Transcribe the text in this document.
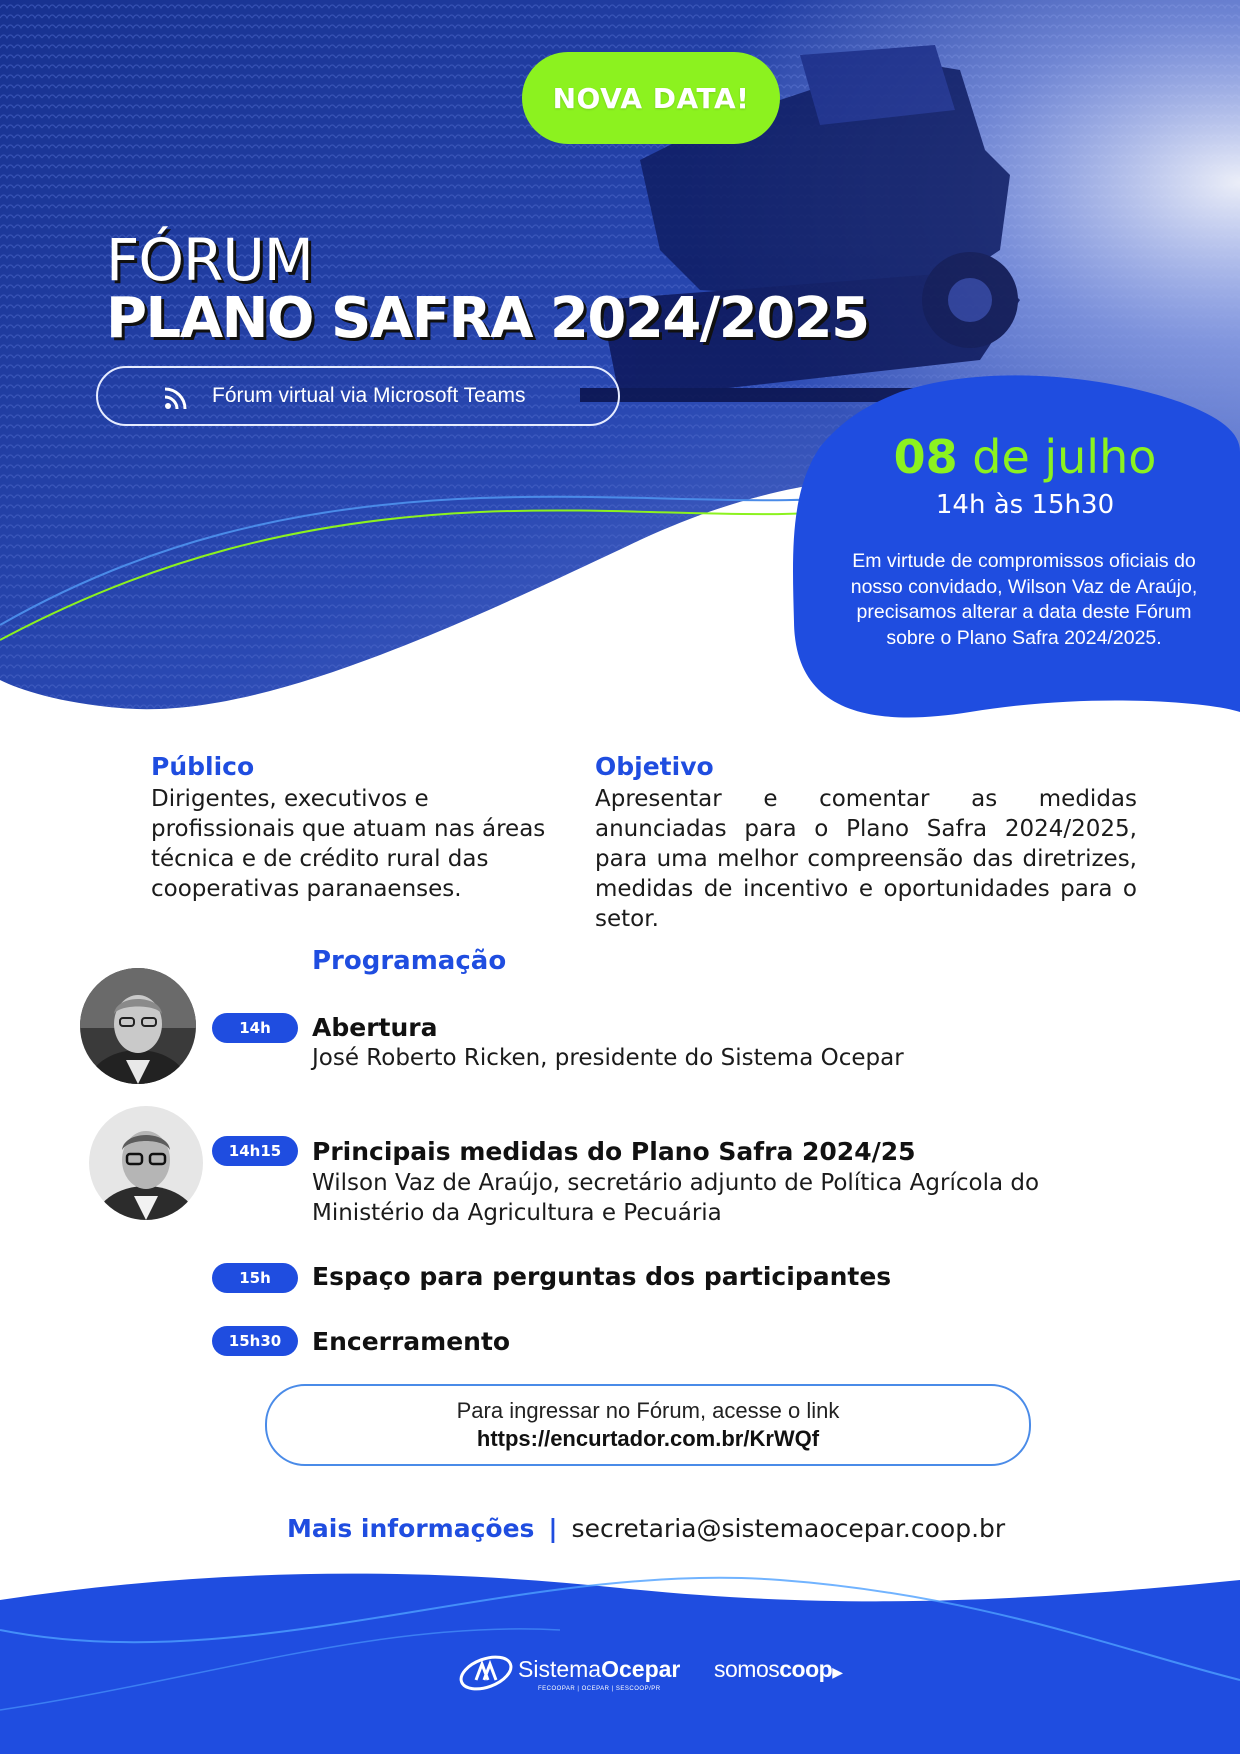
NOVA DATA!
FÓRUM
PLANO SAFRA 2024/2025
Fórum virtual via Microsoft Teams
08 de julho
14h às 15h30
Em virtude de compromissos oficiais do nosso convidado, Wilson Vaz de Araújo, precisamos alterar a data deste Fórum sobre o Plano Safra 2024/2025.
Público
Dirigentes, executivos e profissionais que atuam nas áreas técnica e de crédito rural das cooperativas paranaenses.
Objetivo
Apresentar e comentar as medidas anunciadas para o Plano Safra 2024/2025, para uma melhor compreensão das diretrizes, medidas de incentivo e oportunidades para o setor.
Programação
14h	Abertura
José Roberto Ricken, presidente do Sistema Ocepar
14h15	Principais medidas do Plano Safra 2024/25
Wilson Vaz de Araújo, secretário adjunto de Política Agrícola do Ministério da Agricultura e Pecuária
15h	Espaço para perguntas dos participantes
15h30	Encerramento
Para ingressar no Fórum, acesse o link
https://encurtador.com.br/KrWQf
Mais informações | secretaria@sistemaocepar.coop.br
SistemaOcepar
FECOOPAR | OCEPAR | SESCOOP/PR
somoscoop▶
